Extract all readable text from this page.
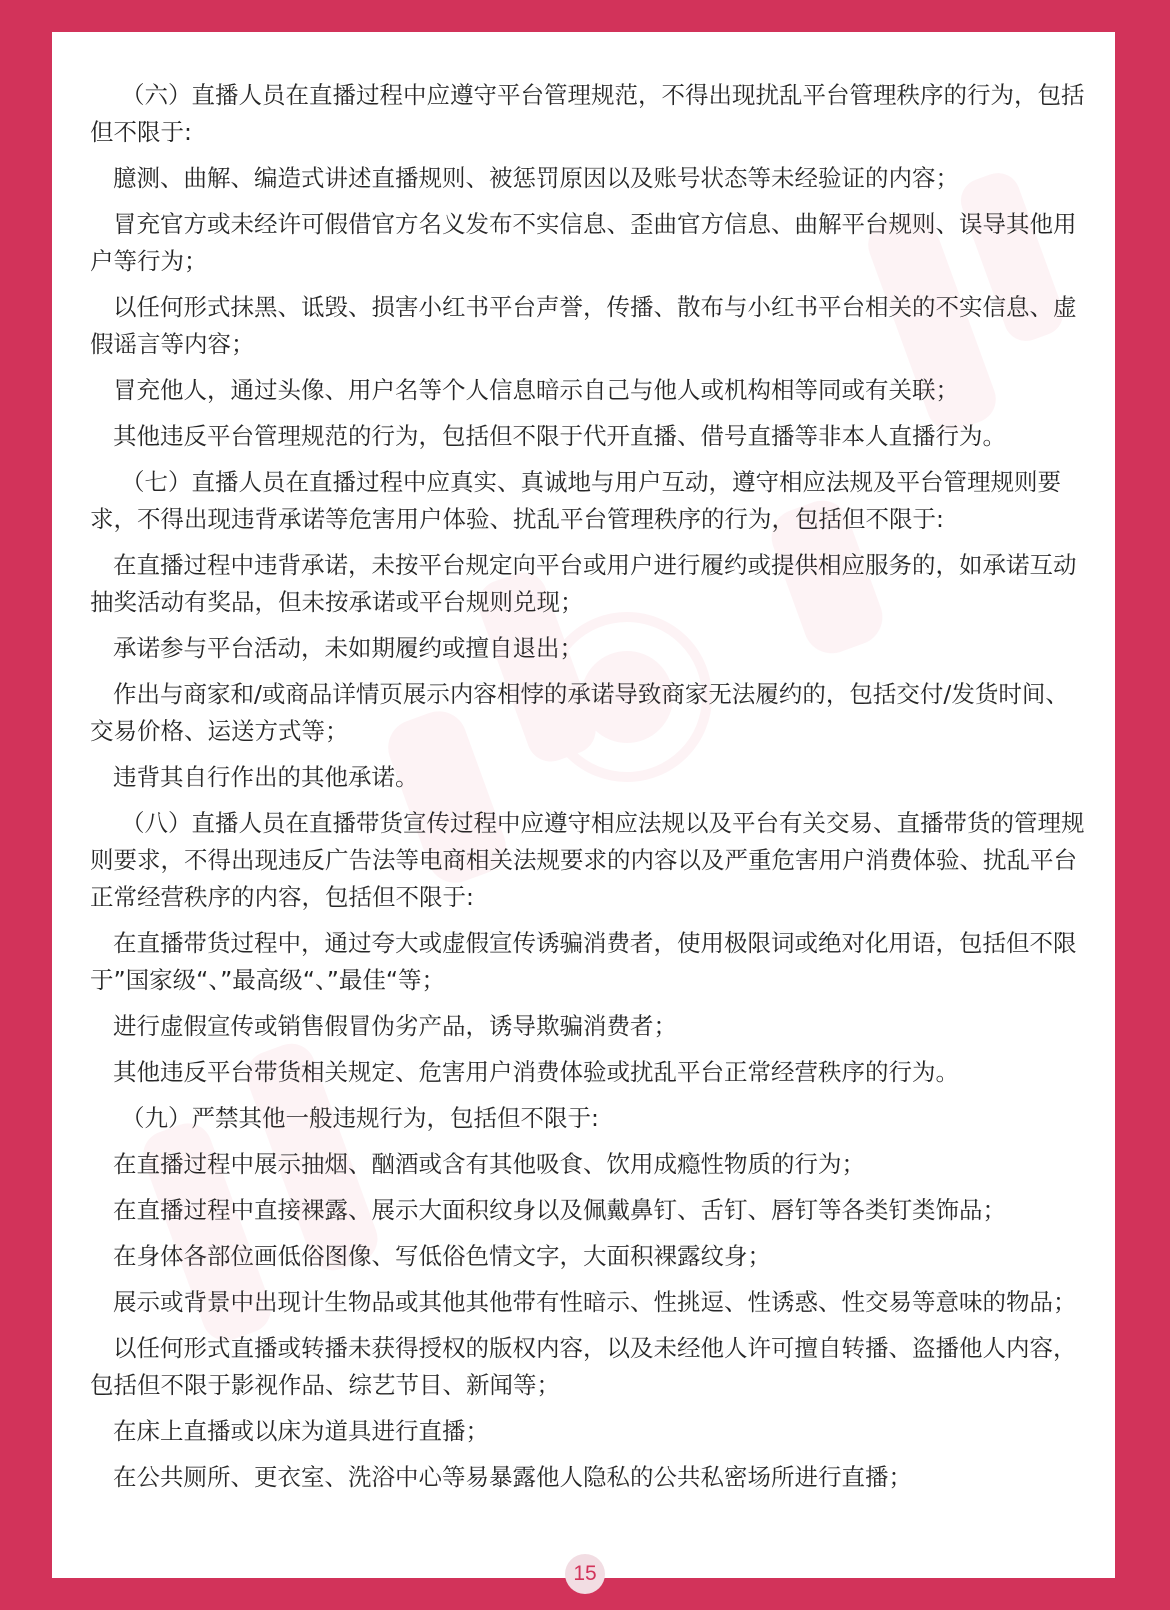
（六）直播人员在直播过程中应遵守平台管理规范，不得出现扰乱平台管理秩序的行为，包括但不限于:

臆测、曲解、编造式讲述直播规则、被惩罚原因以及账号状态等未经验证的内容；

冒充官方或未经许可假借官方名义发布不实信息、歪曲官方信息、曲解平台规则、误导其他用户等行为；

以任何形式抹黑、诋毁、损害小红书平台声誉，传播、散布与小红书平台相关的不实信息、虚假谣言等内容；

冒充他人，通过头像、用户名等个人信息暗示自己与他人或机构相等同或有关联；

其他违反平台管理规范的行为，包括但不限于代开直播、借号直播等非本人直播行为。

（七）直播人员在直播过程中应真实、真诚地与用户互动，遵守相应法规及平台管理规则要求，不得出现违背承诺等危害用户体验、扰乱平台管理秩序的行为，包括但不限于:

在直播过程中违背承诺，未按平台规定向平台或用户进行履约或提供相应服务的，如承诺互动抽奖活动有奖品，但未按承诺或平台规则兑现；

承诺参与平台活动，未如期履约或擅自退出；

作出与商家和/或商品详情页展示内容相悖的承诺导致商家无法履约的，包括交付/发货时间、交易价格、运送方式等；

违背其自行作出的其他承诺。

（八）直播人员在直播带货宣传过程中应遵守相应法规以及平台有关交易、直播带货的管理规则要求，不得出现违反广告法等电商相关法规要求的内容以及严重危害用户消费体验、扰乱平台正常经营秩序的内容，包括但不限于:

在直播带货过程中，通过夸大或虚假宣传诱骗消费者，使用极限词或绝对化用语，包括但不限于”国家级“、”最高级“、”最佳“等；

进行虚假宣传或销售假冒伪劣产品，诱导欺骗消费者；

其他违反平台带货相关规定、危害用户消费体验或扰乱平台正常经营秩序的行为。

（九）严禁其他一般违规行为，包括但不限于:

在直播过程中展示抽烟、酗酒或含有其他吸食、饮用成瘾性物质的行为；

在直播过程中直接裸露、展示大面积纹身以及佩戴鼻钉、舌钉、唇钉等各类钉类饰品；

在身体各部位画低俗图像、写低俗色情文字，大面积裸露纹身；

展示或背景中出现计生物品或其他其他带有性暗示、性挑逗、性诱惑、性交易等意味的物品；

以任何形式直播或转播未获得授权的版权内容，以及未经他人许可擅自转播、盗播他人内容，包括但不限于影视作品、综艺节目、新闻等；

在床上直播或以床为道具进行直播；

在公共厕所、更衣室、洗浴中心等易暴露他人隐私的公共私密场所进行直播；

15
